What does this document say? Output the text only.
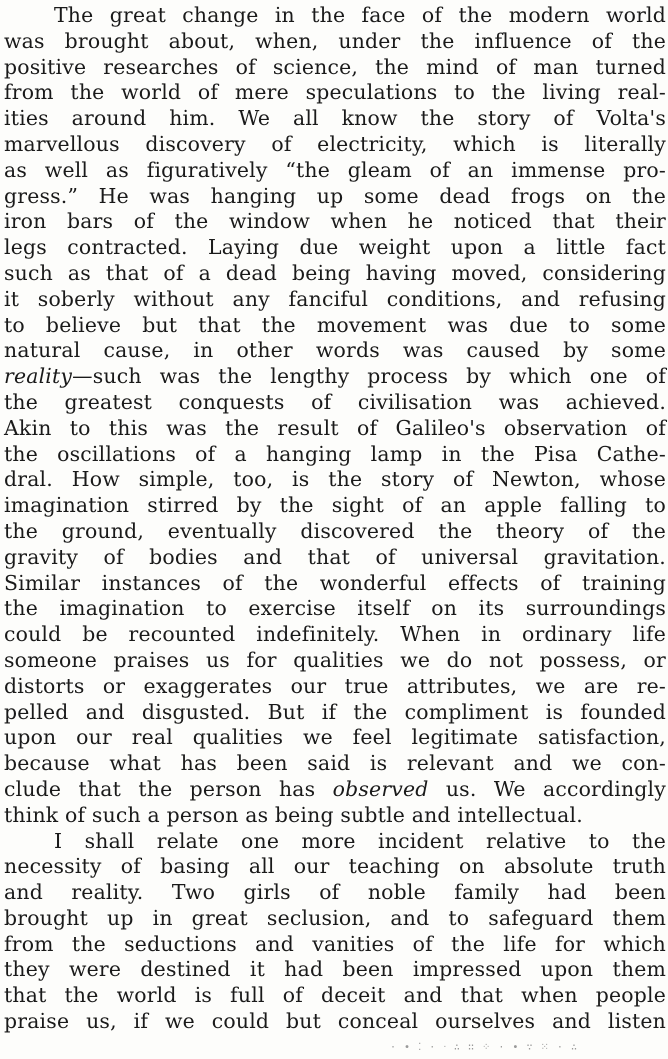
The great change in the face of the modern world
was brought about, when, under the influence of the
positive researches of science, the mind of man turned
from the world of mere speculations to the living real-
ities around him. We all know the story of Volta's
marvellous discovery of electricity, which is literally
as well as figuratively “the gleam of an immense pro-
gress.” He was hanging up some dead frogs on the
iron bars of the window when he noticed that their
legs contracted. Laying due weight upon a little fact
such as that of a dead being having moved, considering
it soberly without any fanciful conditions, and refusing
to believe but that the movement was due to some
natural cause, in other words was caused by some
reality—such was the lengthy process by which one of
the greatest conquests of civilisation was achieved.
Akin to this was the result of Galileo's observation of
the oscillations of a hanging lamp in the Pisa Cathe-
dral. How simple, too, is the story of Newton, whose
imagination stirred by the sight of an apple falling to
the ground, eventually discovered the theory of the
gravity of bodies and that of universal gravitation.
Similar instances of the wonderful effects of training
the imagination to exercise itself on its surroundings
could be recounted indefinitely. When in ordinary life
someone praises us for qualities we do not possess, or
distorts or exaggerates our true attributes, we are re-
pelled and disgusted. But if the compliment is founded
upon our real qualities we feel legitimate satisfaction,
because what has been said is relevant and we con-
clude that the person has observed us. We accordingly
think of such a person as being subtle and intellectual.
I shall relate one more incident relative to the
necessity of basing all our teaching on absolute truth
and reality. Two girls of noble family had been
brought up in great seclusion, and to safeguard them
from the seductions and vanities of the life for which
they were destined it had been impressed upon them
that the world is full of deceit and that when people
praise us, if we could but conceal ourselves and listen
· ∙ ⁚ · ᐧ ∴ ∷ ⁘ · ∙ ∵ ⁙ · ∴
